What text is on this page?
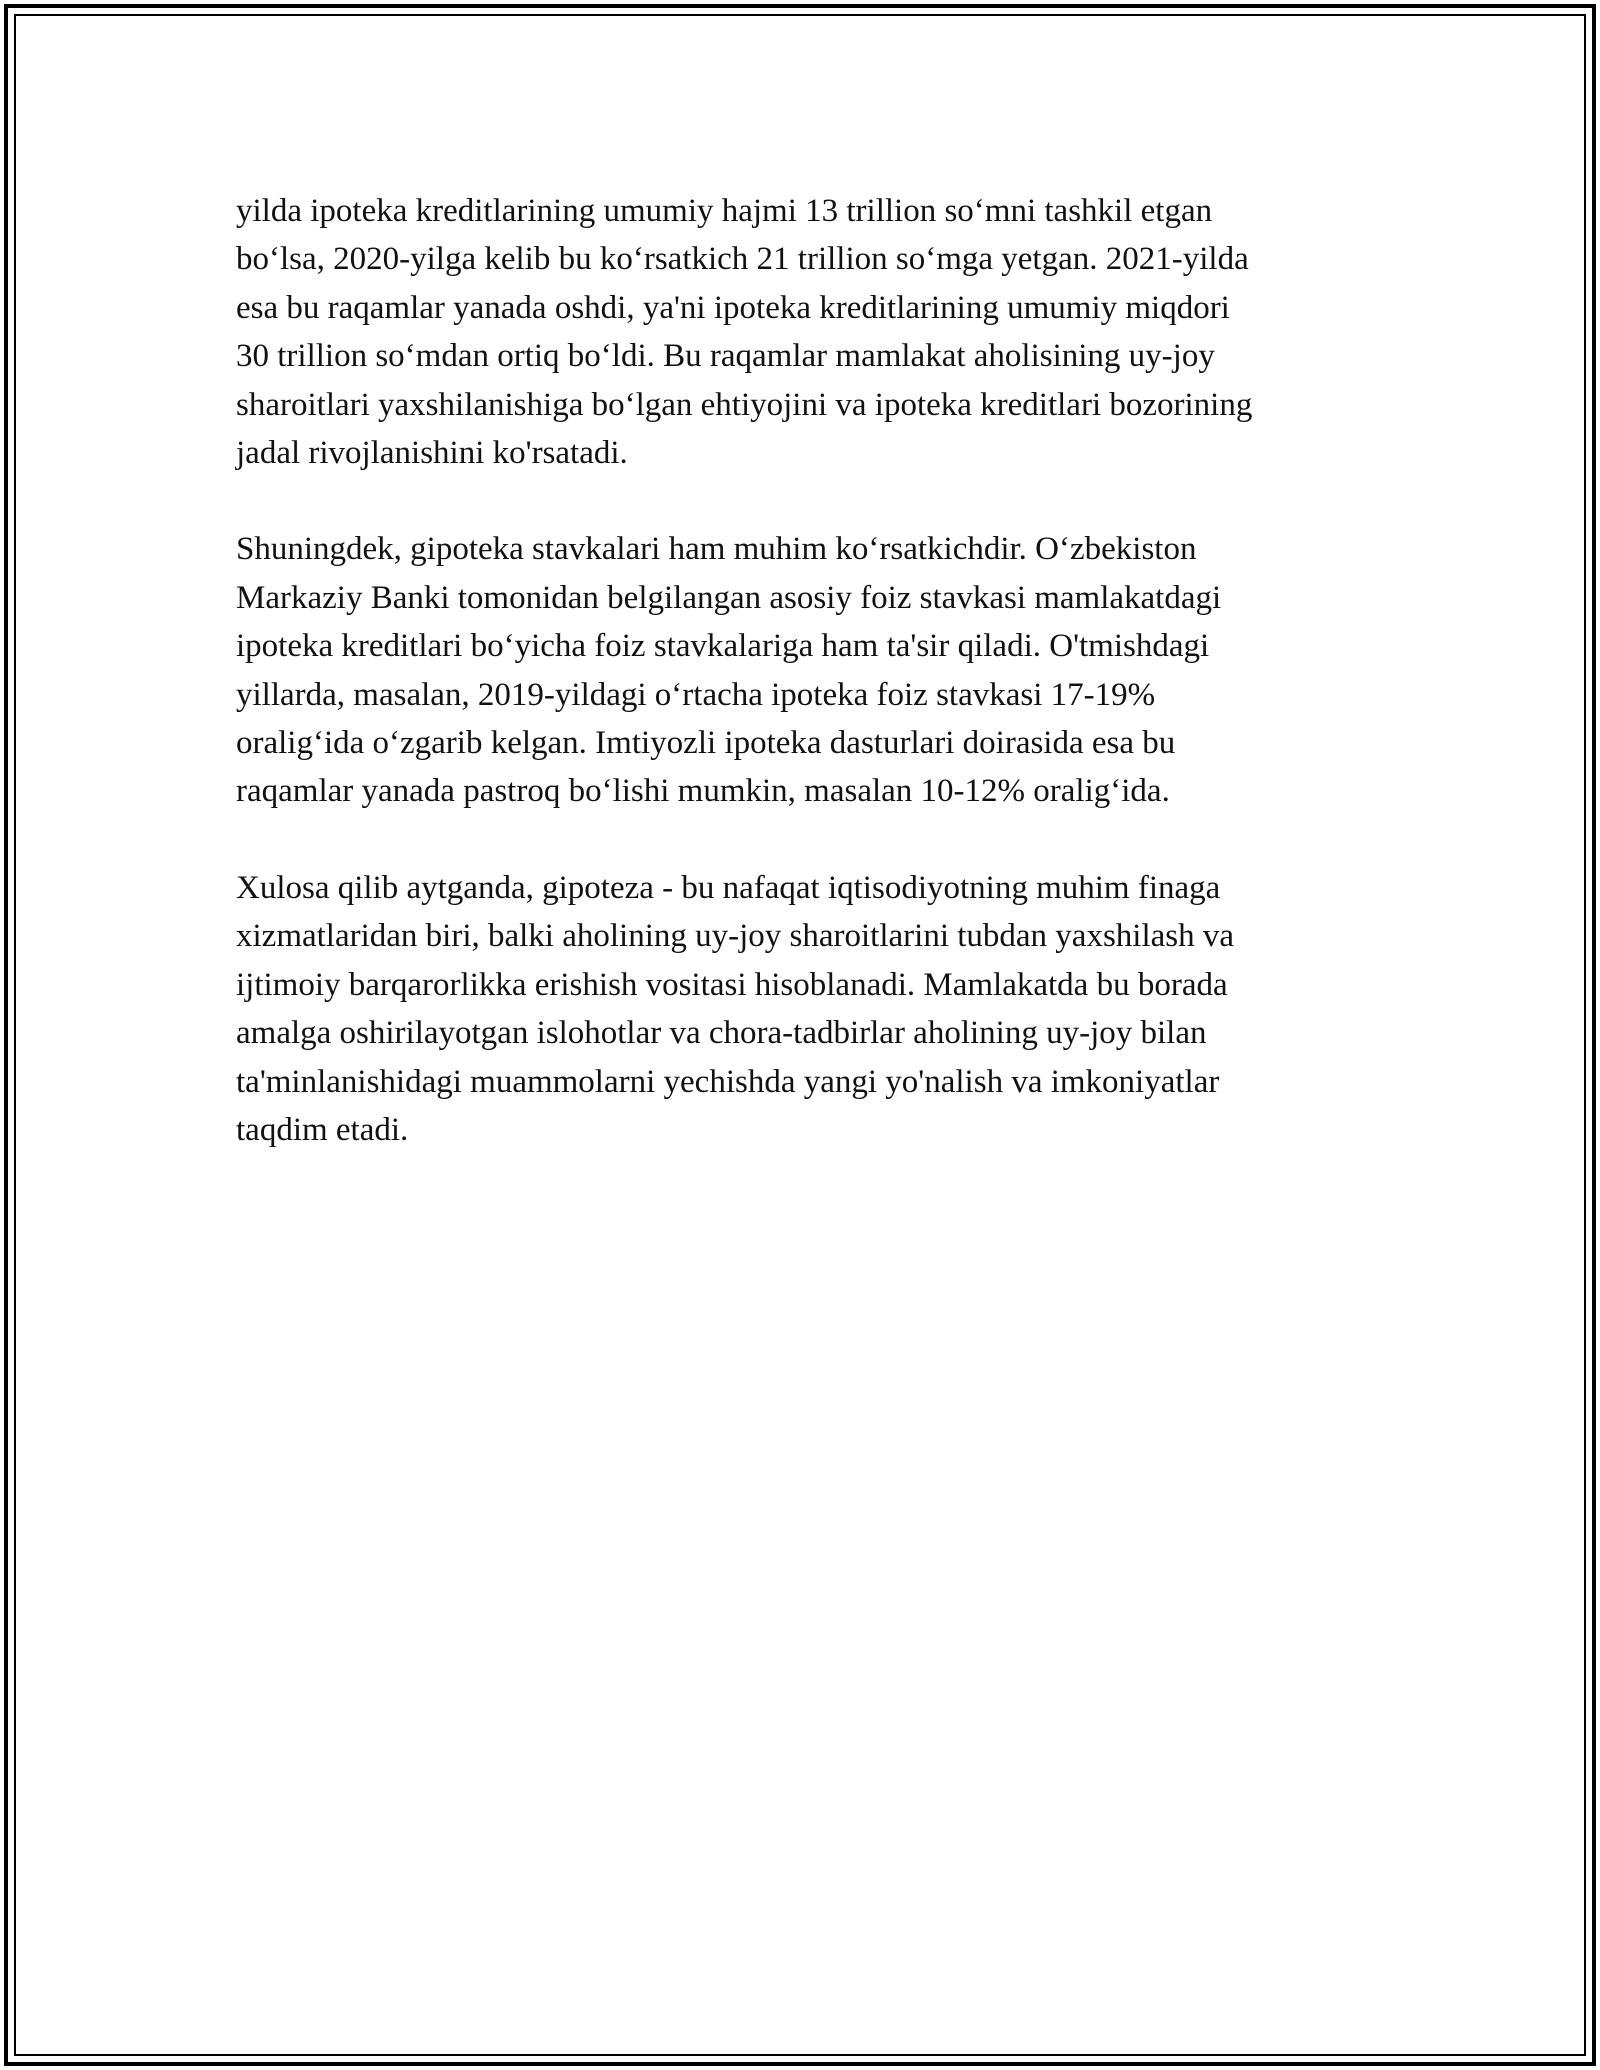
yilda ipoteka kreditlarining umumiy hajmi 13 trillion so‘mni tashkil etgan
bo‘lsa, 2020-yilga kelib bu ko‘rsatkich 21 trillion so‘mga yetgan. 2021-yilda
esa bu raqamlar yanada oshdi, ya'ni ipoteka kreditlarining umumiy miqdori
30 trillion so‘mdan ortiq bo‘ldi. Bu raqamlar mamlakat aholisining uy-joy
sharoitlari yaxshilanishiga bo‘lgan ehtiyojini va ipoteka kreditlari bozorining
jadal rivojlanishini ko'rsatadi.

Shuningdek, gipoteka stavkalari ham muhim ko‘rsatkichdir. O‘zbekiston
Markaziy Banki tomonidan belgilangan asosiy foiz stavkasi mamlakatdagi
ipoteka kreditlari bo‘yicha foiz stavkalariga ham ta'sir qiladi. O'tmishdagi
yillarda, masalan, 2019-yildagi o‘rtacha ipoteka foiz stavkasi 17-19%
oralig‘ida o‘zgarib kelgan. Imtiyozli ipoteka dasturlari doirasida esa bu
raqamlar yanada pastroq bo‘lishi mumkin, masalan 10-12% oralig‘ida.

Xulosa qilib aytganda, gipoteza - bu nafaqat iqtisodiyotning muhim finaga
xizmatlaridan biri, balki aholining uy-joy sharoitlarini tubdan yaxshilash va
ijtimoiy barqarorlikka erishish vositasi hisoblanadi. Mamlakatda bu borada
amalga oshirilayotgan islohotlar va chora-tadbirlar aholining uy-joy bilan
ta'minlanishidagi muammolarni yechishda yangi yo'nalish va imkoniyatlar
taqdim etadi.
